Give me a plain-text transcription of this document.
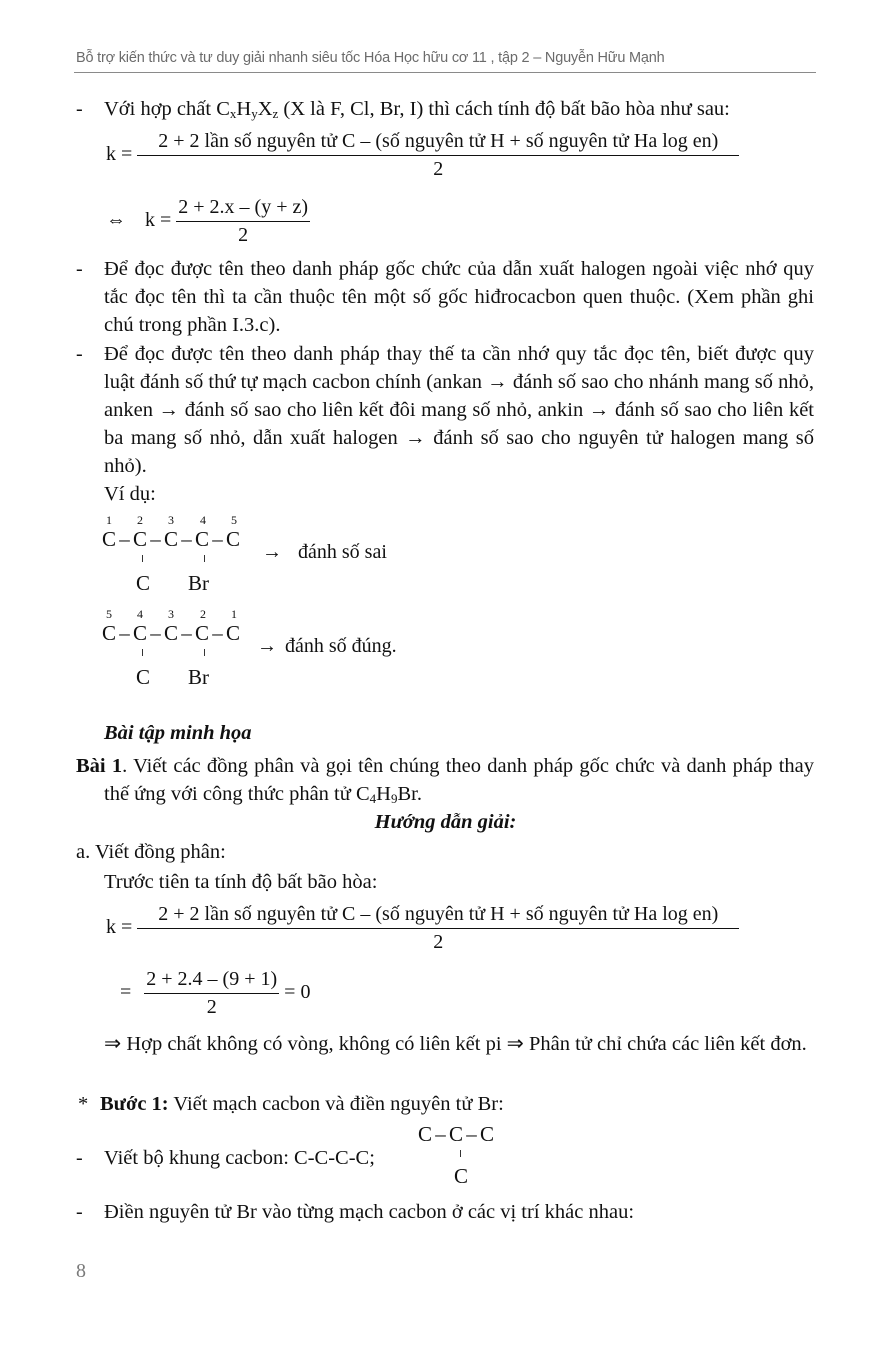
Bỗ trợ kiến thức và tư duy giải nhanh siêu tốc Hóa Học hữu cơ 11 , tập 2 – Nguyễn Hữu Mạnh
- Với hợp chất $C_xH_yX_z$ (X là F, Cl, Br, I) thì cách tính độ bất bão hòa như sau:
k =
2 + 2 lần số nguyên tử C – (số nguyên tử H + số nguyên tử Ha log en)
2
⇔ $k = \frac{2 + 2.x - (y + z)}{2}$
- Để đọc được tên theo danh pháp gốc chức của dẫn xuất halogen ngoài việc nhớ quy tắc đọc tên thì ta cần thuộc tên một số gốc hiđrocacbon quen thuộc. (Xem phần ghi chú trong phần I.3.c).
- Để đọc được tên theo danh pháp thay thế ta cần nhớ quy tắc đọc tên, biết được quy luật đánh số thứ tự mạch cacbon chính (ankan → đánh số sao cho nhánh mang số nhỏ, anken → đánh số sao cho liên kết đôi mang số nhỏ, ankin → đánh số sao cho liên kết ba mang số nhỏ, dẫn xuất halogen → đánh số sao cho nguyên tử halogen mang số nhỏ).
Ví dụ:
1 2 3 4 5
C – C – C – C – C
C Br
→ đánh số sai
5 4 3 2 1
C – C – C – C – C
C Br
→ đánh số đúng.
Bài tập minh họa
Bài 1. Viết các đồng phân và gọi tên chúng theo danh pháp gốc chức và danh pháp thay thế ứng với công thức phân tử $C_4H_9Br$.
Hướng dẫn giải:
a. Viết đồng phân:
Trước tiên ta tính độ bất bão hòa:
k =
2 + 2 lần số nguyên tử C – (số nguyên tử H + số nguyên tử Ha log en)
2
= $\frac{2 + 2.4 - (9 + 1)}{2} = 0$
⇒ Hợp chất không có vòng, không có liên kết pi ⇒ Phân tử chỉ chứa các liên kết đơn.
* Bước 1: Viết mạch cacbon và điền nguyên tử Br:
- Viết bộ khung cacbon: C-C-C-C;
C – C – C
C
- Điền nguyên tử Br vào từng mạch cacbon ở các vị trí khác nhau:
8
